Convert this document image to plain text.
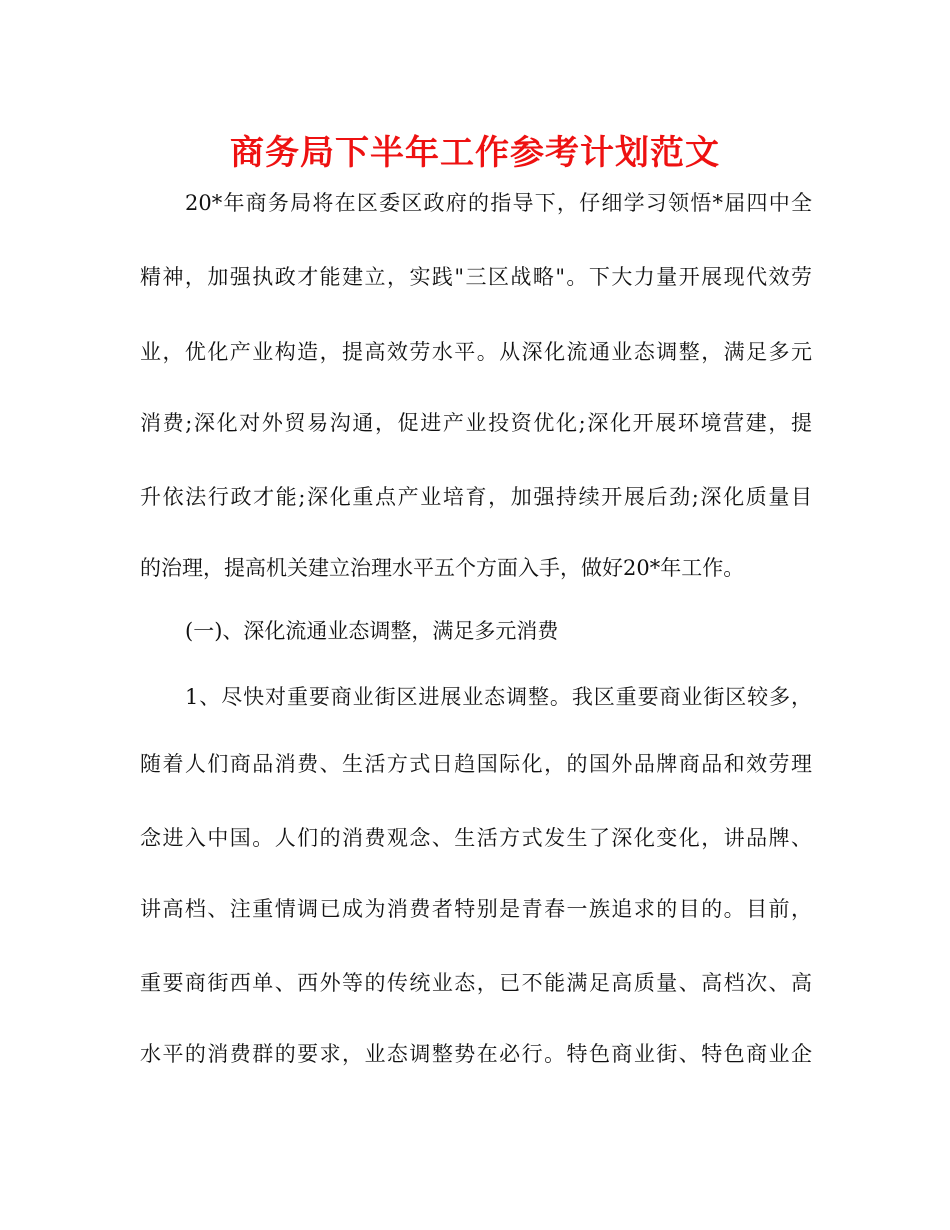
商务局下半年工作参考计划范文
20*年商务局将在区委区政府的指导下，仔细学习领悟*届四中全
精神，加强执政才能建立，实践"三区战略"。下大力量开展现代效劳
业，优化产业构造，提高效劳水平。从深化流通业态调整，满足多元
消费;深化对外贸易沟通，促进产业投资优化;深化开展环境营建，提
升依法行政才能;深化重点产业培育，加强持续开展后劲;深化质量目
的治理，提高机关建立治理水平五个方面入手，做好20*年工作。
(一)、深化流通业态调整，满足多元消费
1、尽快对重要商业街区进展业态调整。我区重要商业街区较多，
随着人们商品消费、生活方式日趋国际化，的国外品牌商品和效劳理
念进入中国。人们的消费观念、生活方式发生了深化变化，讲品牌、
讲高档、注重情调已成为消费者特别是青春一族追求的目的。目前，
重要商街西单、西外等的传统业态，已不能满足高质量、高档次、高
水平的消费群的要求，业态调整势在必行。特色商业街、特色商业企
